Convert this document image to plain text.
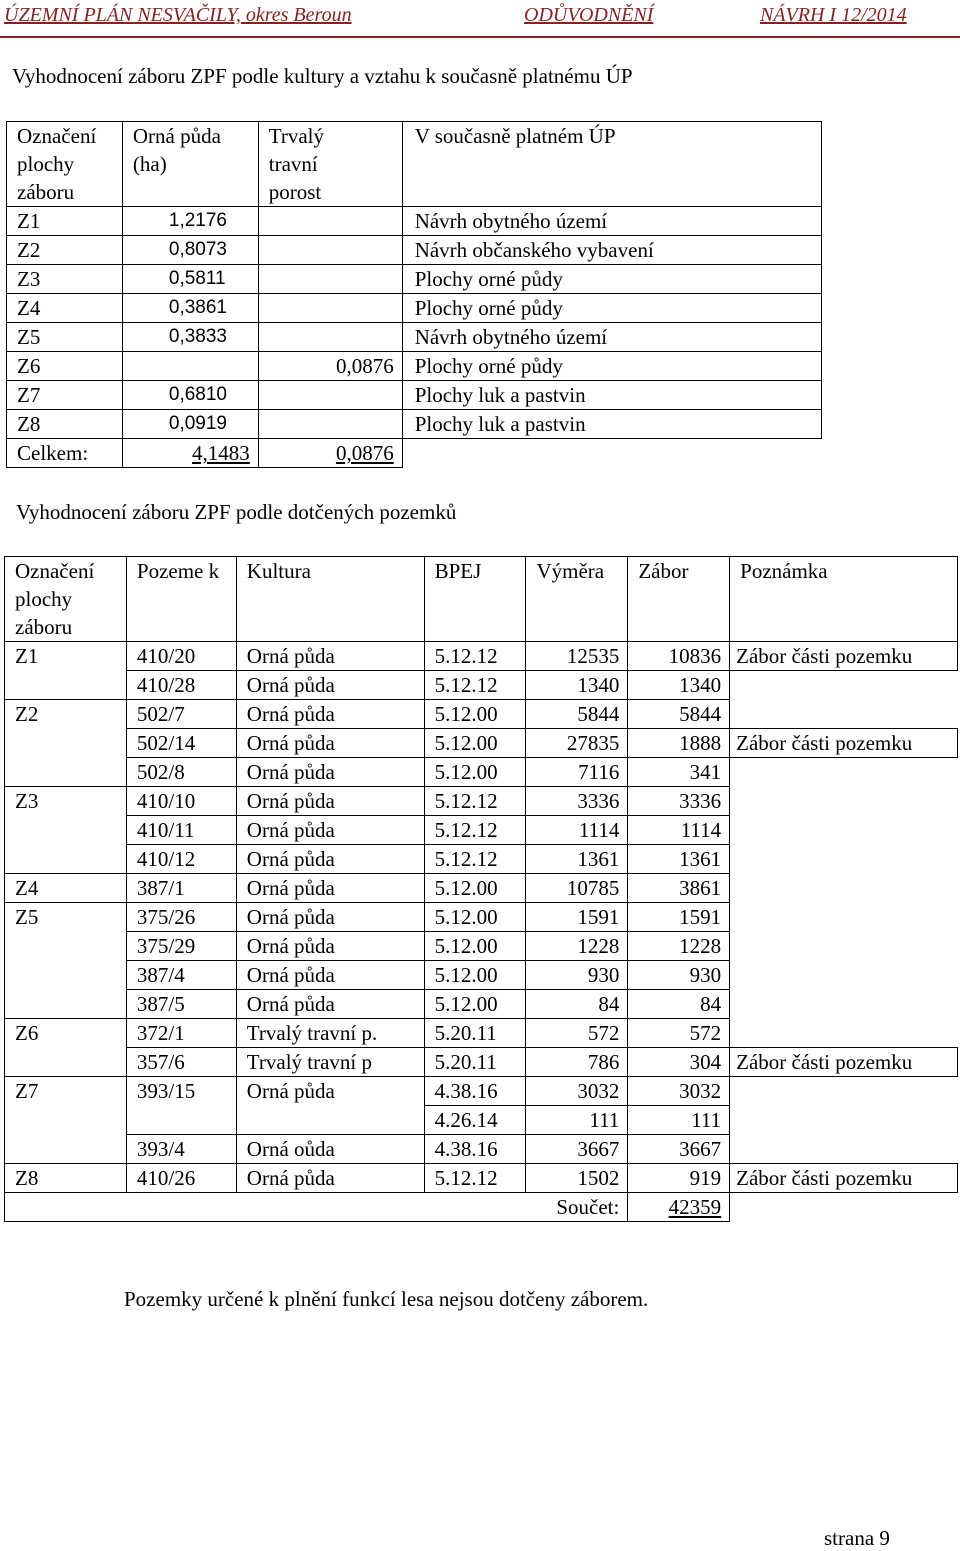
ÚZEMNÍ PLÁN NESVAČILY, okres Beroun	ODŮVODNĚNÍ	NÁVRH I 12/2014
Vyhodnocení záboru ZPF podle kultury a vztahu k současně platnému ÚP
Označení plochy záboru	Orná půda (ha)	Trvalý travní porost	V současně platném ÚP
Z1	1,2176		Návrh obytného území
Z2	0,8073		Návrh občanského vybavení
Z3	0,5811		Plochy orné půdy
Z4	0,3861		Plochy orné půdy
Z5	0,3833		Návrh obytného území
Z6		0,0876	Plochy orné půdy
Z7	0,6810		Plochy luk a pastvin
Z8	0,0919		Plochy luk a pastvin
Celkem:	4,1483	0,0876	
Vyhodnocení záboru ZPF podle dotčených pozemků
Označení plochy záboru	Pozeme k	Kultura	BPEJ	Výměra	Zábor	Poznámka
Z1	410/20	Orná půda	5.12.12	12535	10836	Zábor části pozemku
	410/28	Orná půda	5.12.12	1340	1340	
Z2	502/7	Orná půda	5.12.00	5844	5844	
	502/14	Orná půda	5.12.00	27835	1888	Zábor části pozemku
	502/8	Orná půda	5.12.00	7116	341	
Z3	410/10	Orná půda	5.12.12	3336	3336	
	410/11	Orná půda	5.12.12	1114	1114	
	410/12	Orná půda	5.12.12	1361	1361	
Z4	387/1	Orná půda	5.12.00	10785	3861	
Z5	375/26	Orná půda	5.12.00	1591	1591	
	375/29	Orná půda	5.12.00	1228	1228	
	387/4	Orná půda	5.12.00	930	930	
	387/5	Orná půda	5.12.00	84	84	
Z6	372/1	Trvalý travní p.	5.20.11	572	572	
	357/6	Trvalý travní p	5.20.11	786	304	Zábor části pozemku
Z7	393/15	Orná půda	4.38.16	3032	3032	
			4.26.14	111	111	
	393/4	Orná oůda	4.38.16	3667	3667	
Z8	410/26	Orná půda	5.12.12	1502	919	Zábor části pozemku
Součet:					42359	
Pozemky určené k plnění funkcí lesa nejsou dotčeny záborem.
strana 9
